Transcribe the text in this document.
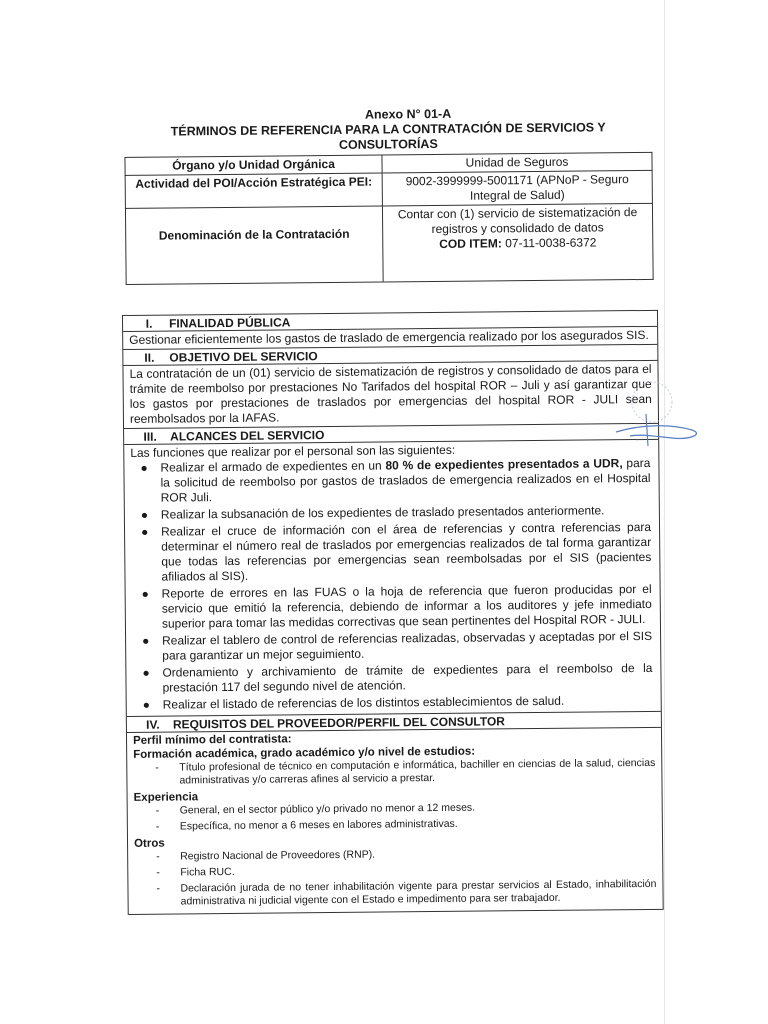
Anexo N° 01-A
TÉRMINOS DE REFERENCIA PARA LA CONTRATACIÓN DE SERVICIOS Y
CONSULTORÍAS
Órgano y/o Unidad Orgánica	Unidad de Seguros
Actividad del POI/Acción Estratégica PEI:	9002-3999999-5001171 (APNoP - Seguro
Integral de Salud)

Denominación de la Contratación	Contar con (1) servicio de sistematización de
registros y consolidado de datos
COD ITEM: 07-11-0038-6372
I.	FINALIDAD PÚBLICA
Gestionar eficientemente los gastos de traslado de emergencia realizado por los asegurados SIS.
II.	OBJETIVO DEL SERVICIO
La contratación de un (01) servicio de sistematización de registros y consolidado de datos para el trámite de reembolso por prestaciones No Tarifados del hospital ROR – Juli y así garantizar que los gastos por prestaciones de traslados por emergencias del hospital ROR - JULI sean reembolsados por la IAFAS.
III.	ALCANCES DEL SERVICIO
Las funciones que realizar por el personal son las siguientes:
● Realizar el armado de expedientes en un 80 % de expedientes presentados a UDR, para la solicitud de reembolso por gastos de traslados de emergencia realizados en el Hospital ROR Juli.
● Realizar la subsanación de los expedientes de traslado presentados anteriormente.
● Realizar el cruce de información con el área de referencias y contra referencias para determinar el número real de traslados por emergencias realizados de tal forma garantizar que todas las referencias por emergencias sean reembolsadas por el SIS (pacientes afiliados al SIS).
● Reporte de errores en las FUAS o la hoja de referencia que fueron producidas por el servicio que emitió la referencia, debiendo de informar a los auditores y jefe inmediato superior para tomar las medidas correctivas que sean pertinentes del Hospital ROR - JULI.
● Realizar el tablero de control de referencias realizadas, observadas y aceptadas por el SIS para garantizar un mejor seguimiento.
● Ordenamiento y archivamiento de trámite de expedientes para el reembolso de la prestación 117 del segundo nivel de atención.
● Realizar el listado de referencias de los distintos establecimientos de salud.
IV.	REQUISITOS DEL PROVEEDOR/PERFIL DEL CONSULTOR
Perfil mínimo del contratista:
Formación académica, grado académico y/o nivel de estudios:
- Título profesional de técnico en computación e informática, bachiller en ciencias de la salud, ciencias administrativas y/o carreras afines al servicio a prestar.
Experiencia
- General, en el sector público y/o privado no menor a 12 meses.
- Específica, no menor a 6 meses en labores administrativas.
Otros
- Registro Nacional de Proveedores (RNP).
- Ficha RUC.
- Declaración jurada de no tener inhabilitación vigente para prestar servicios al Estado, inhabilitación administrativa ni judicial vigente con el Estado e impedimento para ser trabajador.
